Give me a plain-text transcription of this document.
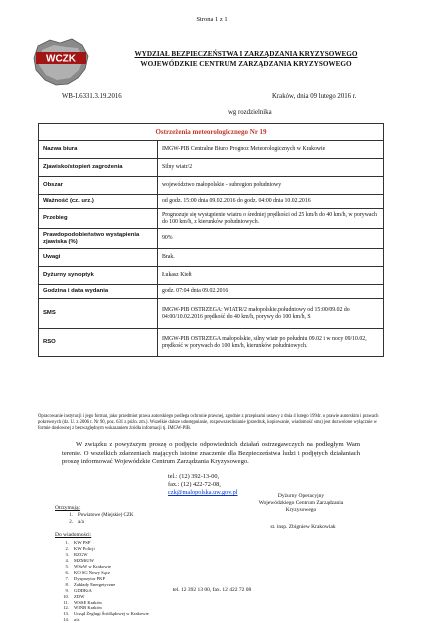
Strona 1 z 1
WCZK	WYDZIAŁ BEZPIECZEŃSTWA I ZARZĄDZANIA KRYZYSOWEGO
WOJEWÓDZKIE CENTRUM ZARZĄDZANIA KRYZYSOWEGO
WB-I.6331.3.19.2016	Kraków, dnia 09 lutego 2016 r.
wg rozdzielnika
Ostrzeżenia meteorologicznego Nr 19	
Nazwa biura	IMGW-PIB Centralne Biuro Prognoz Meteorologicznych w Krakowie
Zjawisko/stopień zagrożenia	Silny wiatr/2
Obszar	województwo małopolskie - subregion południowy
Ważność (cz. urz.)	od godz. 15:00 dnia 09.02.2016 do godz. 04:00 dnia 10.02.2016
Przebieg	Prognozuje się wystąpienie wiatru o średniej prędkości od 25 km/h do 40 km/h, w porywach do 100 km/h, z kierunków południowych.
Prawdopodobieństwo wystąpienia zjawiska (%)	90%
Uwagi	Brak.
Dyżurny synoptyk	Łukasz Kiełt
Godzina i data wydania	godz. 07:04 dnia 09.02.2016
SMS	IMGW-PIB OSTRZEGA: WIATR/2 małopolskie.południowy od 15:00/09.02 do 04:00/10.02.2016 prędkość do 40 km/h, porywy do 100 km/h, S
RSO	IMGW-PIB OSTRZEGA małopolskie, silny wiatr po południu 09.02 i w nocy 09/10.02, prędkość w porywach do 100 km/h, kierunków południowych.
Opracowanie instytucji i jego format, jako przedmiot prawa autorskiego podlega ochronie prawnej, zgodnie z przepisami ustawy z dnia 4 lutego 1994r. o prawie autorskim i prawach pokrewnych (dz. U. z 2006 r. Nr 90, poz. 631 z późn. zm.). Wszelkie dalsze udostępnianie, rozpowszechnianie (przedruk, kopiowanie, wiadomość sms) jest dozwolone wyłącznie w formie dosłownej z bezwzględnym wskazaniem źródła informacji tj. IMGW-PIB.
W związku z powyższym proszę o podjęcie odpowiednich działań ostrzegawczych na podległym Wam terenie. O wszelkich zdarzeniach mających istotne znaczenie dla Bezpieczeństwa ludzi i podjętych działaniach proszę informować Wojewódzkie Centrum Zarządzania Kryzysowego.
tel.: (12) 392-13-00,
fax.: (12) 422-72-08,
czk@malopolska.uw.gov.pl
Otrzymują:
1. Powiatowe (Miejskie) CZK
2. a/a
Do wiadomości:
1. KW PSP
2. KW Policji
3. RZGW
4. MZMiUW
5. WSzW w Krakowie
6. KO SG Nowy Sącz
7. Dyspozytor PKP
8. Zakłady Energetyczne
9. GDDKiA
10. ZDW
11. WSSE Kraków
12. WINB Kraków
13. Urząd Żeglugi Śródlądowej w Krakowie
14. a/a
Dyżurny Operacyjny
Wojewódzkiego Centrum Zarządzania
Kryzysowego
st. insp. Zbigniew Krakowiak
tel. 12 392 13 00, fax. 12 422 72 08
